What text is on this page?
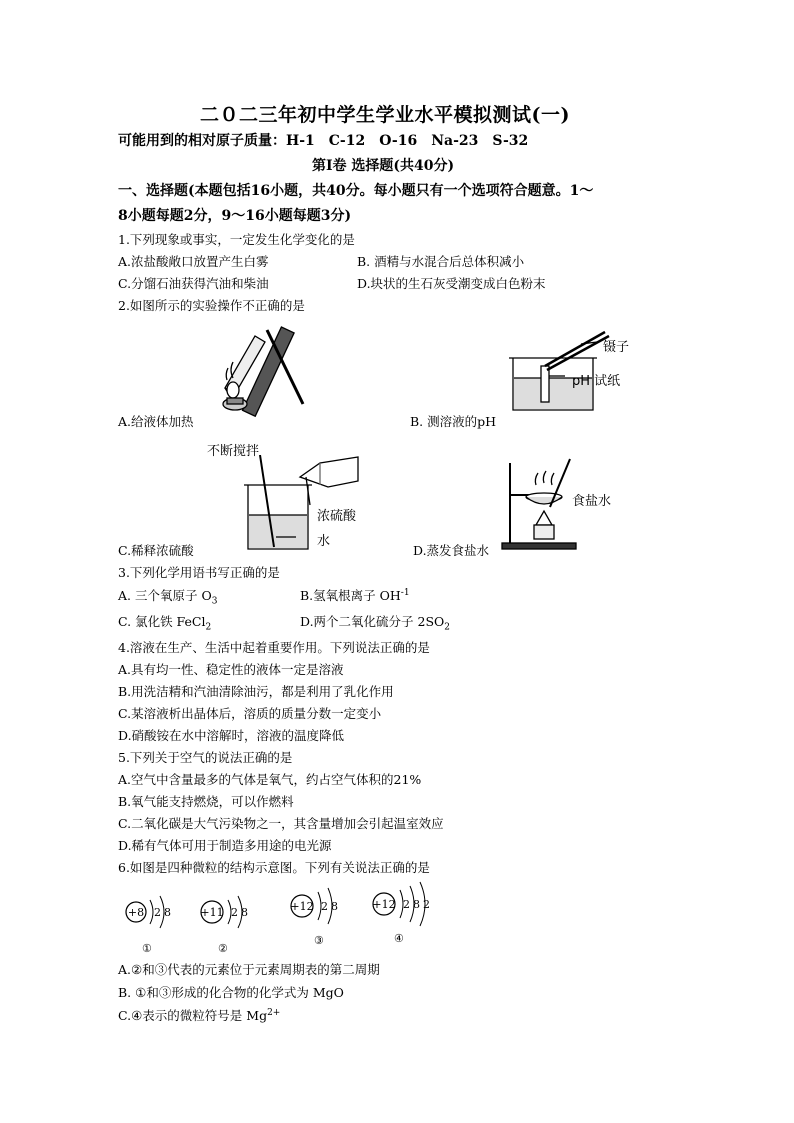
二０二三年初中学生学业水平模拟测试(一)
可能用到的相对原子质量：H-1　C-12　O-16　Na-23　S-32
第Ⅰ卷 选择题(共40分)
一、选择题(本题包括16小题，共40分。每小题只有一个选项符合题意。1～
8小题每题2分，9～16小题每题3分)
1.下列现象或事实，一定发生化学变化的是
A.浓盐酸敞口放置产生白雾	B. 酒精与水混合后总体积减小
C.分馏石油获得汽油和柴油	D.块状的生石灰受潮变成白色粉末
2.如图所示的实验操作不正确的是
A.给液体加热
镊子
pH 试纸
B. 测溶液的pH
不断搅拌
浓硫酸
水
C.稀释浓硫酸
食盐水
D.蒸发食盐水
3.下列化学用语书写正确的是
A. 三个氧原子 $O_3$	B.氢氧根离子 $OH^{-1}$
C. 氯化铁 FeCl$_2$	D.两个二氧化硫分子 $2SO_2$
4.溶液在生产、生活中起着重要作用。下列说法正确的是
A.具有均一性、稳定性的液体一定是溶液
B.用洗洁精和汽油清除油污，都是利用了乳化作用
C.某溶液析出晶体后，溶质的质量分数一定变小
D.硝酸铵在水中溶解时，溶液的温度降低
5.下列关于空气的说法正确的是
A.空气中含量最多的气体是氧气，约占空气体积的21%
B.氧气能支持燃烧，可以作燃料
C.二氧化碳是大气污染物之一，其含量增加会引起温室效应
D.稀有气体可用于制造多用途的电光源
6.如图是四种微粒的结构示意图。下列有关说法正确的是
+8 2 8
①
+11 2 8
②
+12 2 8
③
+12 2 8 2
④
A.②和③代表的元素位于元素周期表的第二周期
B. ①和③形成的化合物的化学式为 MgO
C.④表示的微粒符号是 $Mg^{2+}$
